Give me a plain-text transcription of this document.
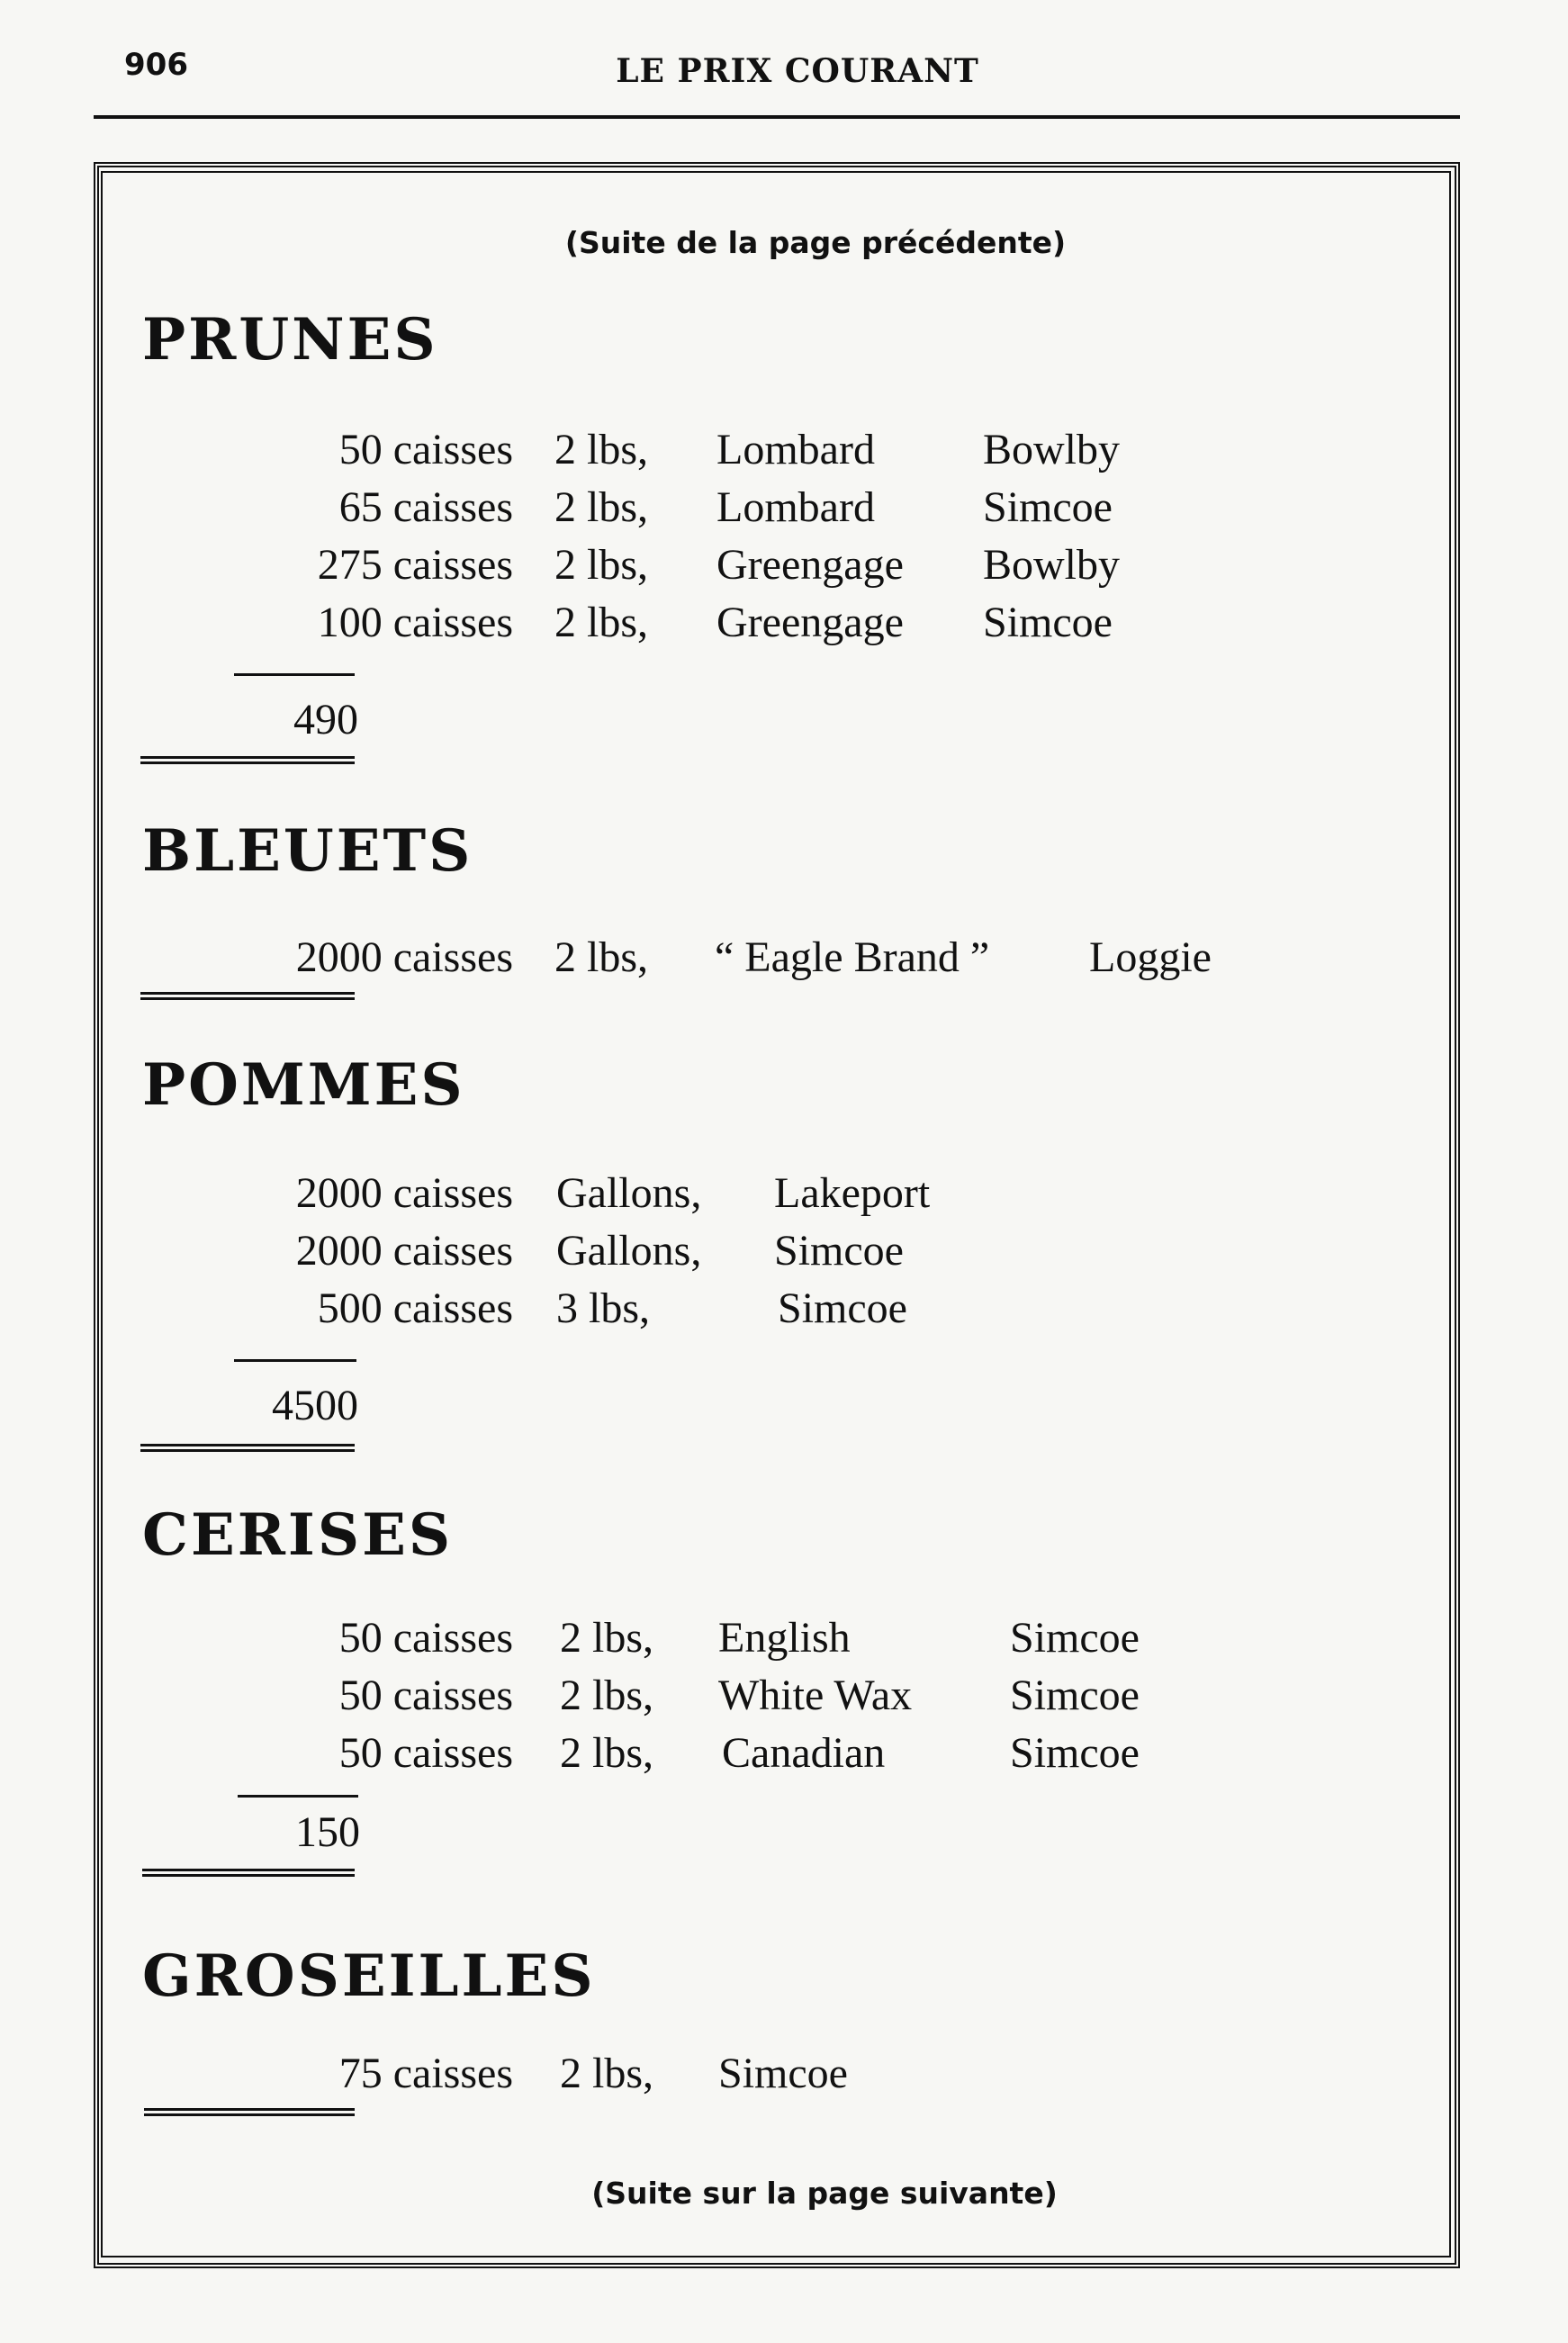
906	LE PRIX COURANT
(Suite de la page précédente)
PRUNES
50 caisses 2 lbs, Lombard	Bowlby
65 caisses 2 lbs, Lombard	Simcoe
275 caisses 2 lbs, Greengage Bowlby
100 caisses 2 lbs, Greengage Simcoe
490
BLEUETS
2000 caisses 2 lbs, “ Eagle Brand ” Loggie
POMMES
2000 caisses Gallons, Lakeport
2000 caisses Gallons, Simcoe
500 caisses 3 lbs,	Simcoe
4500
CERISES
50 caisses 2 lbs, English	Simcoe
50 caisses 2 lbs, White Wax Simcoe
50 caisses 2 lbs, Canadian	Simcoe
150
GROSEILLES
75 caisses 2 lbs, Simcoe
(Suite sur la page suivante)
